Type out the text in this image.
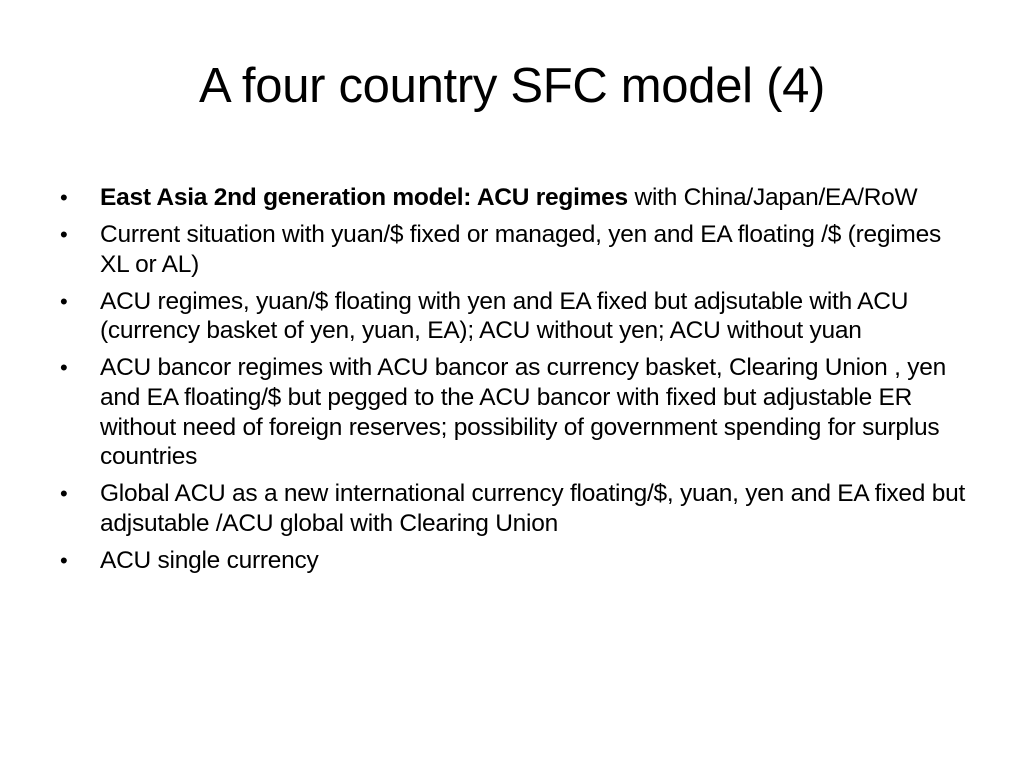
A four country SFC model (4)
•	East Asia 2nd generation model: ACU regimes with China/Japan/EA/RoW
•	Current situation with yuan/$ fixed or managed, yen and EA floating /$ (regimes XL or AL)
•	ACU regimes, yuan/$ floating with yen and EA fixed but adjsutable with ACU (currency basket of yen, yuan, EA); ACU without yen; ACU without yuan
•	ACU bancor regimes with ACU bancor as currency basket, Clearing Union , yen and EA floating/$ but pegged to the ACU bancor with fixed but adjustable ER without need of foreign reserves; possibility of government spending for surplus countries
•	Global ACU as a new international currency floating/$, yuan, yen and EA fixed but adjsutable /ACU global with Clearing Union
•	ACU single currency
